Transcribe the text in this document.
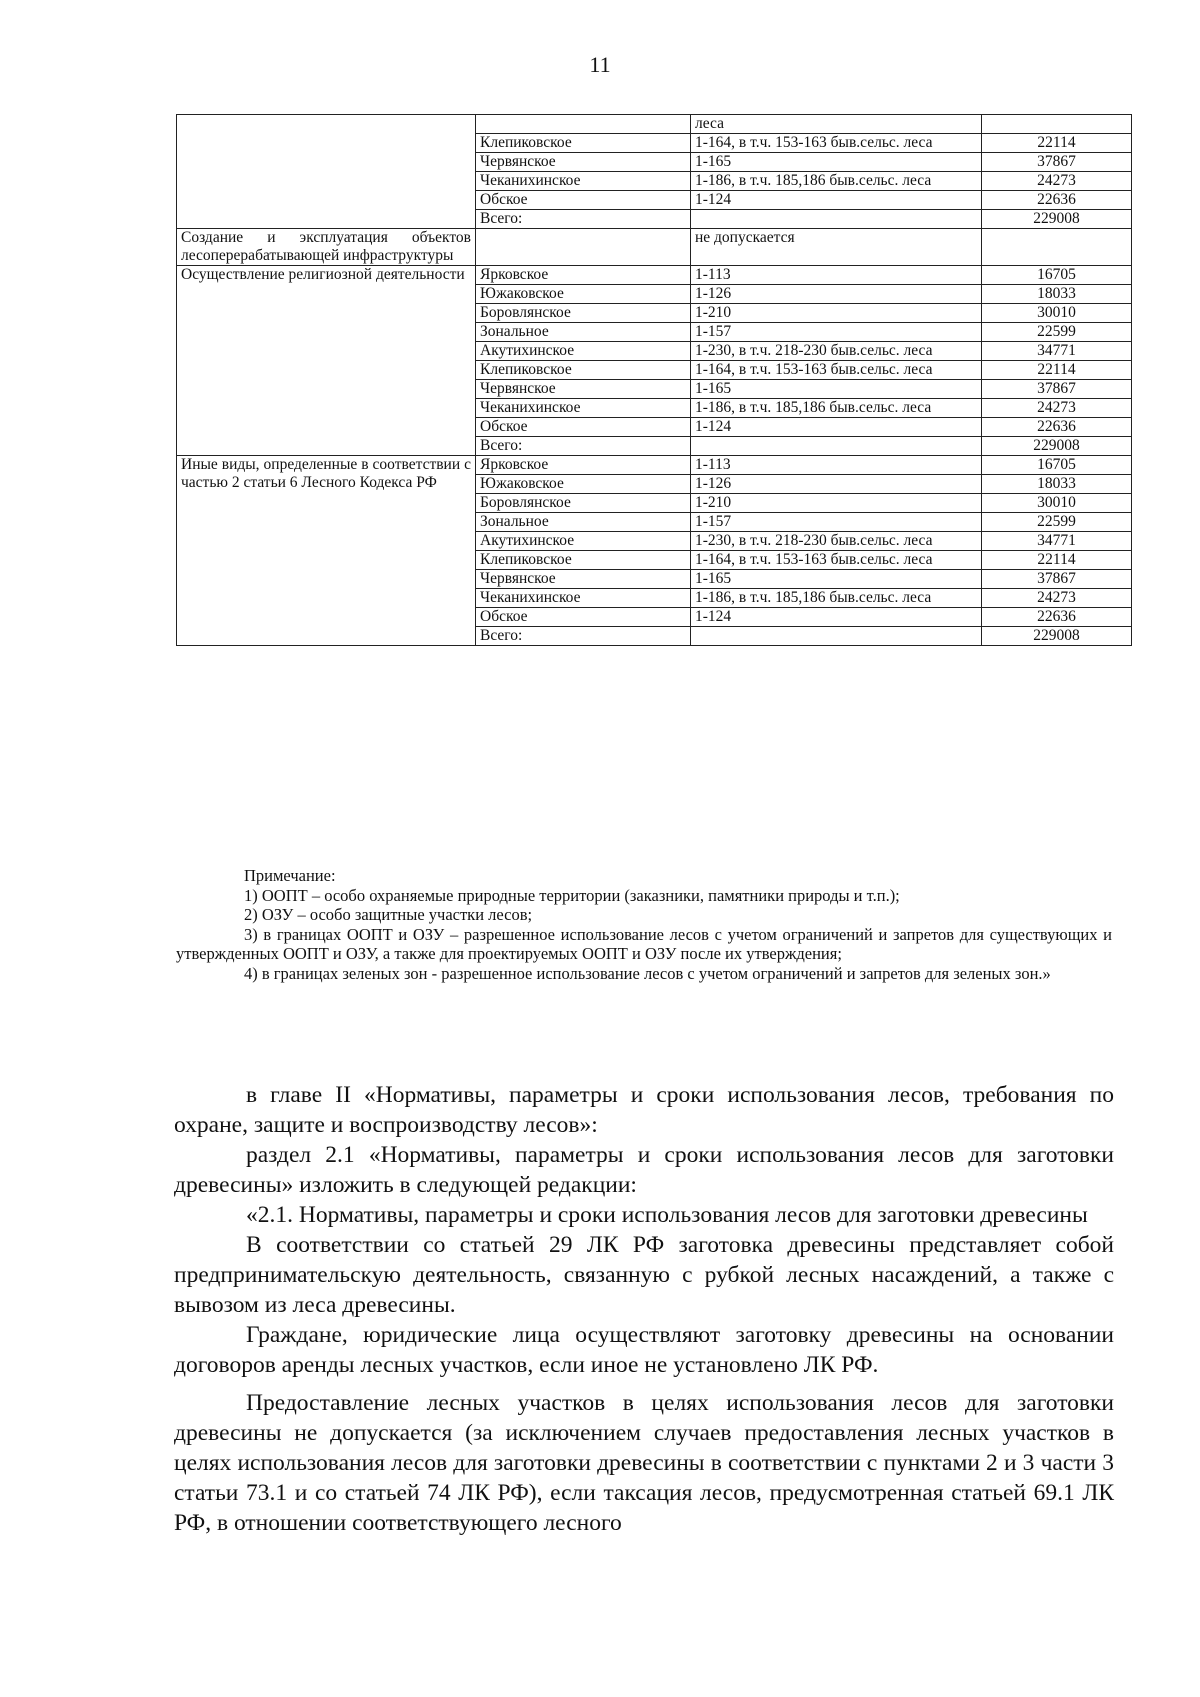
11
		леса	
	Клепиковское	1-164, в т.ч. 153-163 быв.сельс. леса	22114
	Червянское	1-165	37867
	Чеканихинское	1-186, в т.ч. 185,186 быв.сельс. леса	24273
	Обское	1-124	22636
	Всего:		229008
Создание и эксплуатация объектов лесоперерабатывающей инфраструктуры		не допускается	
Осуществление религиозной деятельности	Ярковское	1-113	16705
	Южаковское	1-126	18033
	Боровлянское	1-210	30010
	Зональное	1-157	22599
	Акутихинское	1-230, в т.ч. 218-230 быв.сельс. леса	34771
	Клепиковское	1-164, в т.ч. 153-163 быв.сельс. леса	22114
	Червянское	1-165	37867
	Чеканихинское	1-186, в т.ч. 185,186 быв.сельс. леса	24273
	Обское	1-124	22636
	Всего:		229008
Иные виды, определенные в соответствии с частью 2 статьи 6 Лесного Кодекса РФ	Ярковское	1-113	16705
	Южаковское	1-126	18033
	Боровлянское	1-210	30010
	Зональное	1-157	22599
	Акутихинское	1-230, в т.ч. 218-230 быв.сельс. леса	34771
	Клепиковское	1-164, в т.ч. 153-163 быв.сельс. леса	22114
	Червянское	1-165	37867
	Чеканихинское	1-186, в т.ч. 185,186 быв.сельс. леса	24273
	Обское	1-124	22636
	Всего:		229008

Примечание:

1) ООПТ – особо охраняемые природные территории (заказники, памятники природы и т.п.);

2) ОЗУ – особо защитные участки лесов;

3) в границах ООПТ и ОЗУ – разрешенное использование лесов с учетом ограничений и запретов для существующих и утвержденных ООПТ и ОЗУ, а также для проектируемых ООПТ и ОЗУ после их утверждения;

4) в границах зеленых зон - разрешенное использование лесов с учетом ограничений и запретов для зеленых зон.»

в главе II «Нормативы, параметры и сроки использования лесов, требования по охране, защите и воспроизводству лесов»:

раздел 2.1 «Нормативы, параметры и сроки использования лесов для заготовки древесины» изложить в следующей редакции:

«2.1. Нормативы, параметры и сроки использования лесов для заготовки древесины

В соответствии со статьей 29 ЛК РФ заготовка древесины представляет собой предпринимательскую деятельность, связанную с рубкой лесных насаждений, а также с вывозом из леса древесины.

Граждане, юридические лица осуществляют заготовку древесины на основании договоров аренды лесных участков, если иное не установлено ЛК РФ.

Предоставление лесных участков в целях использования лесов для заготовки древесины не допускается (за исключением случаев предоставления лесных участков в целях использования лесов для заготовки древесины в соответствии с пунктами 2 и 3 части 3 статьи 73.1 и со статьей 74 ЛК РФ), если таксация лесов, предусмотренная статьей 69.1 ЛК РФ, в отношении соответствующего лесного
